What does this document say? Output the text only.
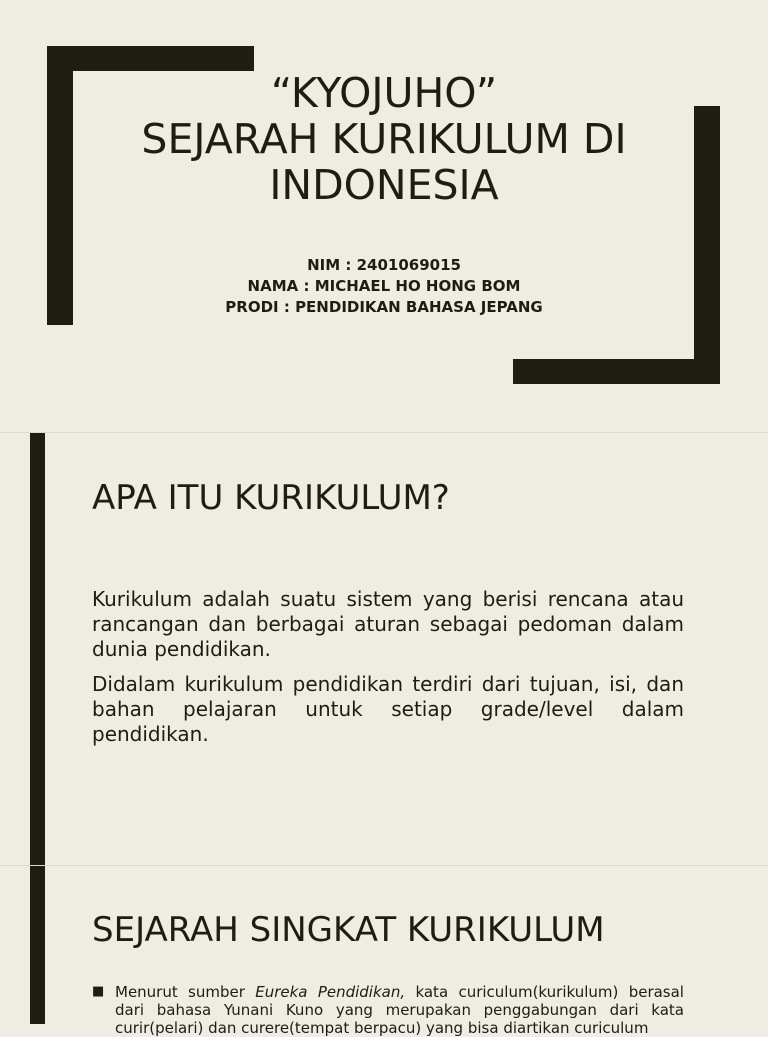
“KYOJUHO”
SEJARAH KURIKULUM DI
INDONESIA
NIM : 2401069015
NAMA : MICHAEL HO HONG BOM
PRODI : PENDIDIKAN BAHASA JEPANG
APA ITU KURIKULUM?

Kurikulum adalah suatu sistem yang berisi rencana atau rancangan dan berbagai aturan sebagai pedoman dalam dunia pendidikan.

Didalam kurikulum pendidikan terdiri dari tujuan, isi, dan bahan pelajaran untuk setiap grade/level dalam pendidikan.

SEJARAH SINGKAT KURIKULUM
■ Menurut sumber Eureka Pendidikan, kata curiculum(kurikulum) berasal dari bahasa Yunani Kuno yang merupakan penggabungan dari kata curir(pelari) dan curere(tempat berpacu) yang bisa diartikan curiculum
